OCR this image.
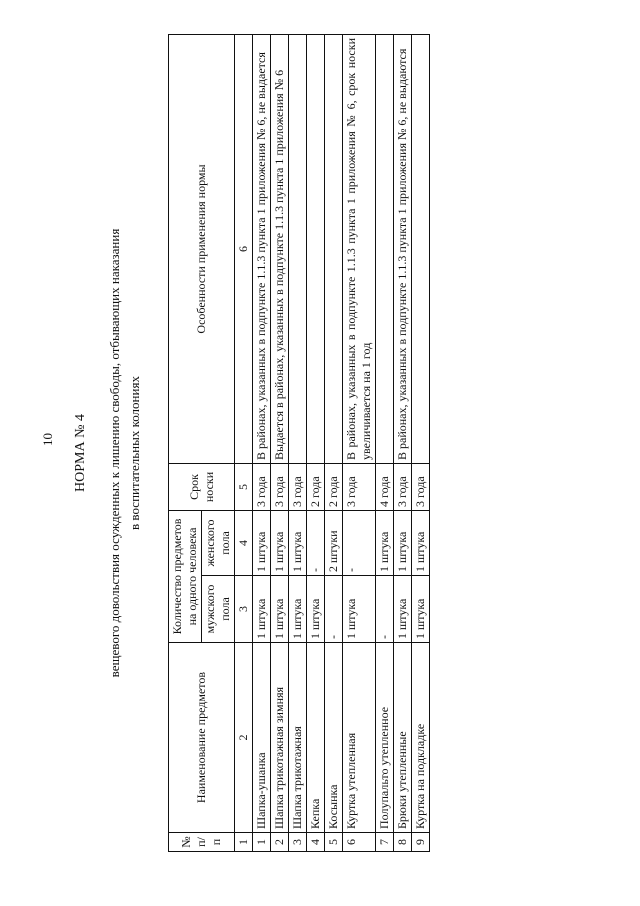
10 НОРМА № 4 вещевого довольствия осужденных к лишению свободы, отбывающих наказания в воспитательных колониях
№ п/п	Наименование предметов	Количество предметов на одного человека		Срок носки	Особенности применения нормы
		мужского пола	женского пола		
1	2	3	4	5	6
1	Шапка-ушанка	1 штука	1 штука	3 года	В районах, указанных в подпункте 1.1.3 пункта 1 приложения № 6, не выдается
2	Шапка трикотажная зимняя	1 штука	1 штука	3 года	Выдается в районах, указанных в подпункте 1.1.3 пункта 1 приложения № 6
3	Шапка трикотажная	1 штука	1 штука	3 года	
4	Кепка	1 штука	-	2 года	
5	Косынка	-	2 штуки	2 года	
6	Куртка утепленная	1 штука	-	3 года	В районах, указанных в подпункте 1.1.3 пункта 1 приложения № 6, срок носки увеличивается на 1 год
7	Полупальто утепленное	-	1 штука	4 года	
8	Брюки утепленные	1 штука	1 штука	3 года	В районах, указанных в подпункте 1.1.3 пункта 1 приложения № 6, не выдаются
9	Куртка на подкладке	1 штука	1 штука	3 года	
